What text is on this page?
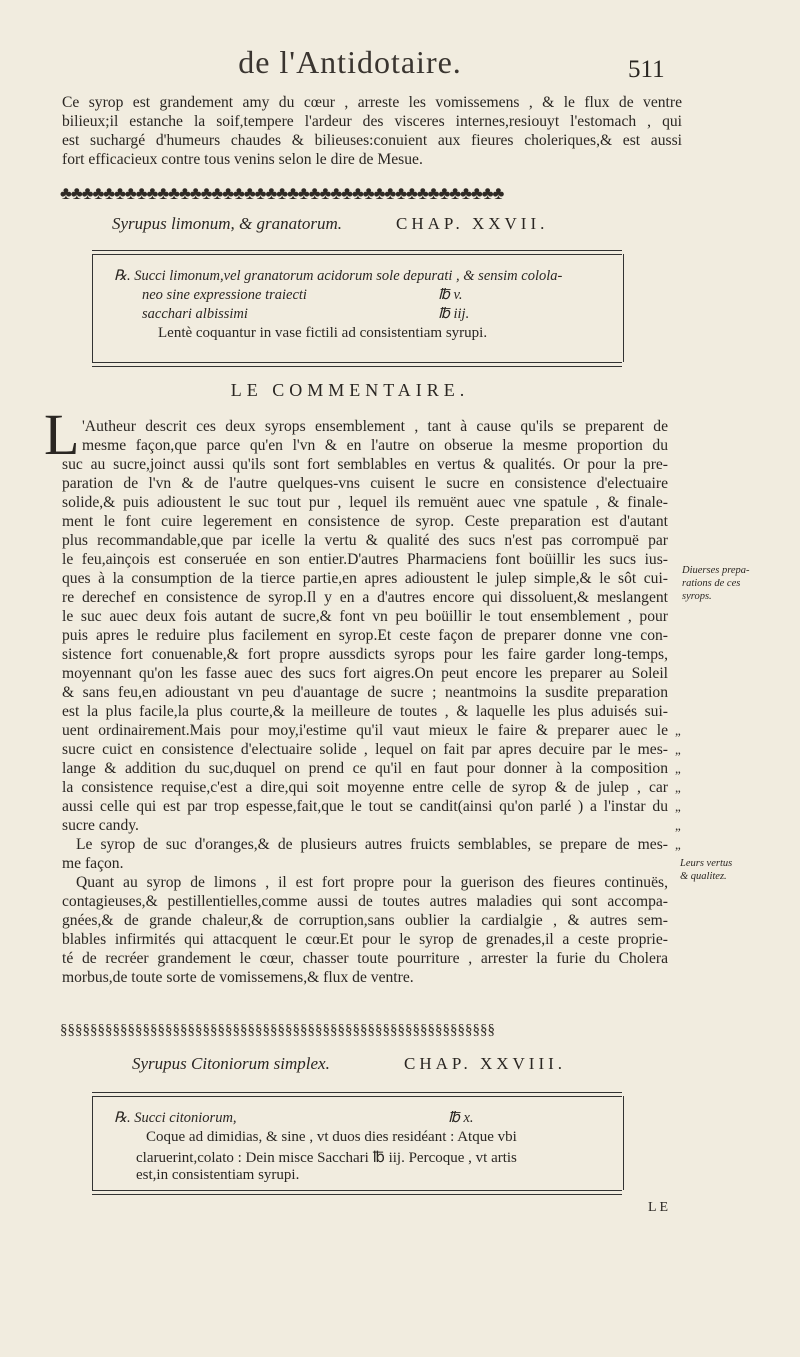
de l'Antidotaire.	511
Ce syrop est grandement amy du cœur , arreste les vomissemens , & le flux de ventre
bilieux;il estanche la soif,tempere l'ardeur des visceres internes,resiouyt l'estomach , qui
est suchargé d'humeurs chaudes & bilieuses:conuient aux fieures choleriques,& est aussi
fort efficacieux contre tous venins selon le dire de Mesue.
♣♣♣♣♣♣♣♣♣♣♣♣♣♣♣♣♣♣♣♣♣♣♣♣♣♣♣♣♣♣♣♣♣♣♣♣♣♣♣♣♣
Syrupus limonum, & granatorum.	CHAP. XXVII.
℞. Succi limonum,vel granatorum acidorum sole depurati , & sensim colola-
neo sine expressione traiecti	℔ v.
sacchari albissimi	℔ iij.
Lentè coquantur in vase fictili ad consistentiam syrupi.
LE COMMENTAIRE.
L 'Autheur descrit ces deux syrops ensemblement , tant à cause qu'ils se preparent de
mesme façon,que parce qu'en l'vn & en l'autre on obserue la mesme proportion du
suc au sucre,joinct aussi qu'ils sont fort semblables en vertus & qualités. Or pour la pre-
paration de l'vn & de l'autre quelques-vns cuisent le sucre en consistence d'electuaire
solide,& puis adioustent le suc tout pur , lequel ils remuënt auec vne spatule , & finale-
ment le font cuire legerement en consistence de syrop. Ceste preparation est d'autant
plus recommandable,que par icelle la vertu & qualité des sucs n'est pas corrompuë par
le feu,ainçois est conseruée en son entier.D'autres Pharmaciens font boüillir les sucs ius-
ques à la consumption de la tierce partie,en apres adioustent le julep simple,& le sôt cui-
re derechef en consistence de syrop.Il y en a d'autres encore qui dissoluent,& meslangent
le suc auec deux fois autant de sucre,& font vn peu boüillir le tout ensemblement , pour
puis apres le reduire plus facilement en syrop.Et ceste façon de preparer donne vne con-
sistence fort conuenable,& fort propre aussdicts syrops pour les faire garder long-temps,
moyennant qu'on les fasse auec des sucs fort aigres.On peut encore les preparer au Soleil
& sans feu,en adioustant vn peu d'auantage de sucre ; neantmoins la susdite preparation
est la plus facile,la plus courte,& la meilleure de toutes , & laquelle les plus aduisés sui-
uent ordinairement.Mais pour moy,i'estime qu'il vaut mieux le faire & preparer auec le
sucre cuict en consistence d'electuaire solide , lequel on fait par apres decuire par le mes-
lange & addition du suc,duquel on prend ce qu'il en faut pour donner à la composition
la consistence requise,c'est a dire,qui soit moyenne entre celle de syrop & de julep , car
aussi celle qui est par trop espesse,fait,que le tout se candit(ainsi qu'on parlé ) a l'instar du
sucre candy.
Le syrop de suc d'oranges,& de plusieurs autres fruicts semblables, se prepare de mes-
me façon.
Quant au syrop de limons , il est fort propre pour la guerison des fieures continuës,
contagieuses,& pestillentielles,comme aussi de toutes autres maladies qui sont accompa-
gnées,& de grande chaleur,& de corruption,sans oublier la cardialgie , & autres sem-
blables infirmités qui attacquent le cœur.Et pour le syrop de grenades,il a ceste proprie-
té de recréer grandement le cœur, chasser toute pourriture , arrester la furie du Cholera
morbus,de toute sorte de vomissemens,& flux de ventre.
Diuerses prepa-
rations de ces
syrops.
Leurs vertus
& qualitez.
„
„
„
„
„
„
„
§§§§§§§§§§§§§§§§§§§§§§§§§§§§§§§§§§§§§§§§§§§§§§§§§§§§§§§§§§
Syrupus Citoniorum simplex.	CHAP. XXVIII.
℞. Succi citoniorum,	℔ x.
Coque ad dimidias, & sine , vt duos dies residéant : Atque vbi
claruerint,colato : Dein misce Sacchari ℔ iij. Percoque , vt artis
est,in consistentiam syrupi.
LE
